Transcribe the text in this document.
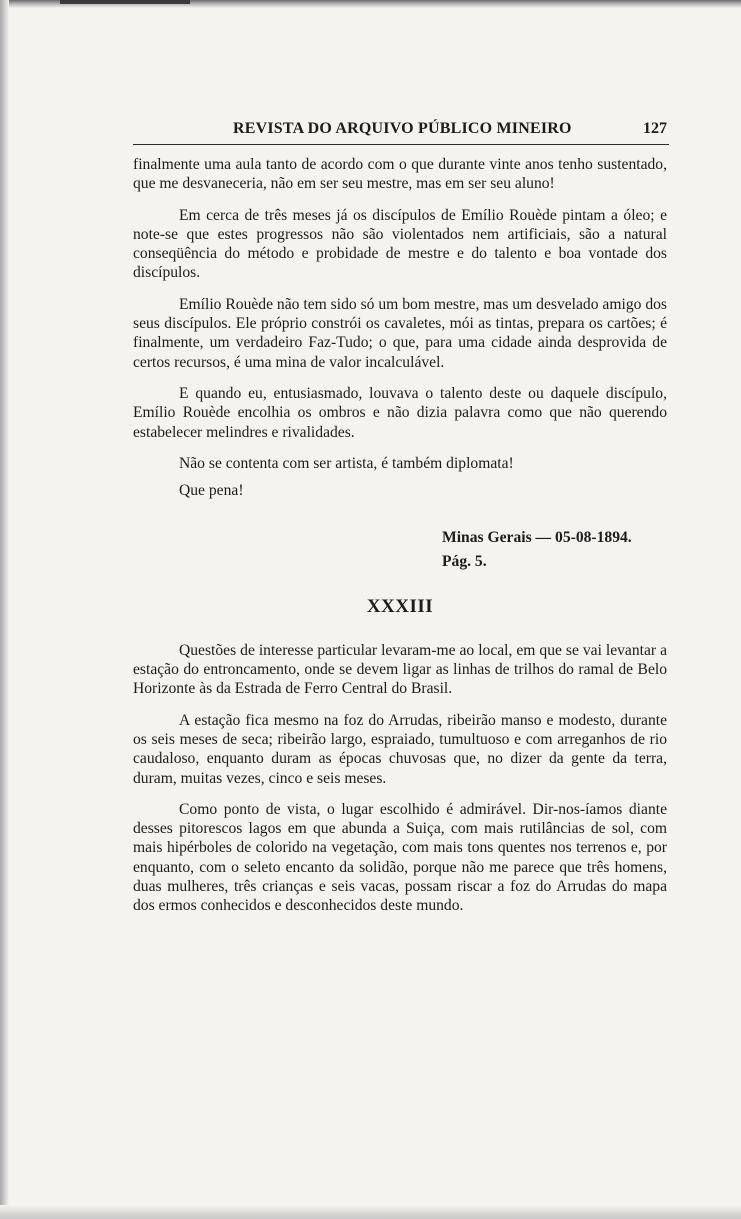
REVISTA DO ARQUIVO PÚBLICO MINEIRO	127

finalmente uma aula tanto de acordo com o que durante vinte anos tenho sustentado, que me desvaneceria, não em ser seu mestre, mas em ser seu aluno!

Em cerca de três meses já os discípulos de Emílio Rouède pintam a óleo; e note-se que estes progressos não são violentados nem artificiais, são a natural conseqüência do método e probidade de mestre e do talento e boa vontade dos discípulos.

Emílio Rouède não tem sido só um bom mestre, mas um desvelado amigo dos seus discípulos. Ele próprio constrói os cavaletes, mói as tintas, prepara os cartões; é finalmente, um verdadeiro Faz-Tudo; o que, para uma cidade ainda desprovida de certos recursos, é uma mina de valor incalculável.

E quando eu, entusiasmado, louvava o talento deste ou daquele discípulo, Emílio Rouède encolhia os ombros e não dizia palavra como que não querendo estabelecer melindres e rivalidades.

Não se contenta com ser artista, é também diplomata!

Que pena!

Minas Gerais — 05-08-1894.
Pág. 5.
XXXIII

Questões de interesse particular levaram-me ao local, em que se vai levantar a estação do entroncamento, onde se devem ligar as linhas de trilhos do ramal de Belo Horizonte às da Estrada de Ferro Central do Brasil.

A estação fica mesmo na foz do Arrudas, ribeirão manso e modesto, durante os seis meses de seca; ribeirão largo, espraiado, tumultuoso e com arreganhos de rio caudaloso, enquanto duram as épocas chuvosas que, no dizer da gente da terra, duram, muitas vezes, cinco e seis meses.

Como ponto de vista, o lugar escolhido é admirável. Dir-nos-íamos diante desses pitorescos lagos em que abunda a Suiça, com mais rutilâncias de sol, com mais hipérboles de colorido na vegetação, com mais tons quentes nos terrenos e, por enquanto, com o seleto encanto da solidão, porque não me parece que três homens, duas mulheres, três crianças e seis vacas, possam riscar a foz do Arrudas do mapa dos ermos conhecidos e desconhecidos deste mundo.
